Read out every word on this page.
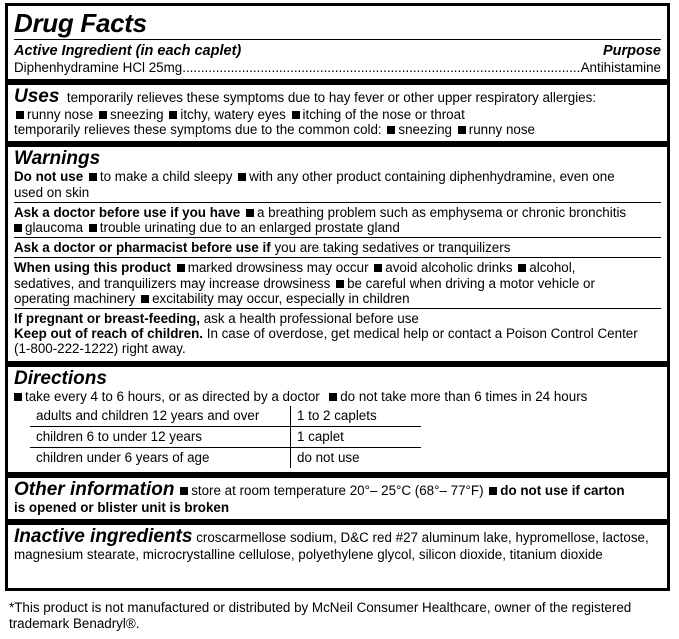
Drug Facts
Active Ingredient (in each caplet)	Purpose
Diphenhydramine HCl 25mg .....	Antihistamine
Uses temporarily relieves these symptoms due to hay fever or other upper respiratory allergies:
runny nose sneezing itchy, watery eyes itching of the nose or throat
temporarily relieves these symptoms due to the common cold: sneezing runny nose
Warnings
Do not use to make a child sleepy with any other product containing diphenhydramine, even one
used on skin
Ask a doctor before use if you have a breathing problem such as emphysema or chronic bronchitis
glaucoma trouble urinating due to an enlarged prostate gland
Ask a doctor or pharmacist before use if you are taking sedatives or tranquilizers
When using this product marked drowsiness may occur avoid alcoholic drinks alcohol,
sedatives, and tranquilizers may increase drowsiness be careful when driving a motor vehicle or
operating machinery excitability may occur, especially in children
If pregnant or breast-feeding, ask a health professional before use
Keep out of reach of children. In case of overdose, get medical help or contact a Poison Control Center
(1-800-222-1222) right away.
Directions
take every 4 to 6 hours, or as directed by a doctor do not take more than 6 times in 24 hours
adults and children 12 years and over	1 to 2 caplets
children 6 to under 12 years	1 caplet
children under 6 years of age	do not use
Other information store at room temperature 20°– 25°C (68°– 77°F) do not use if carton
is opened or blister unit is broken
Inactive ingredients croscarmellose sodium, D&C red #27 aluminum lake, hypromellose, lactose,
magnesium stearate, microcrystalline cellulose, polyethylene glycol, silicon dioxide, titanium dioxide
*This product is not manufactured or distributed by McNeil Consumer Healthcare, owner of the registered
trademark Benadryl®.
